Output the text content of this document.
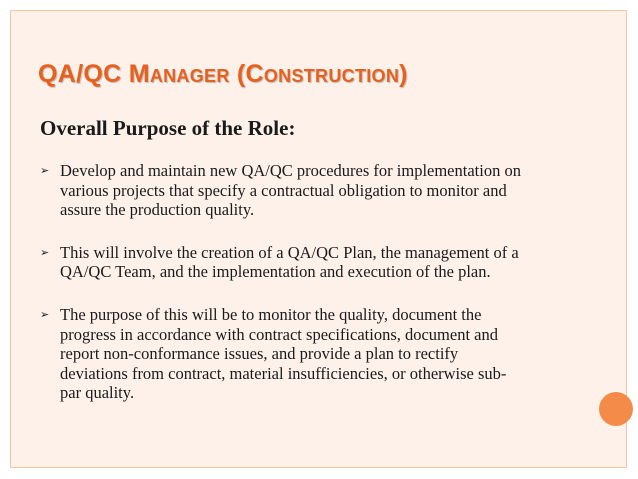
QA/QC Manager (Construction)
Overall Purpose of the Role:
➢ Develop and maintain new QA/QC procedures for implementation on
various projects that specify a contractual obligation to monitor and
assure the production quality.
➢ This will involve the creation of a QA/QC Plan, the management of a
QA/QC Team, and the implementation and execution of the plan.
➢ The purpose of this will be to monitor the quality, document the
progress in accordance with contract specifications, document and
report non-conformance issues, and provide a plan to rectify
deviations from contract, material insufficiencies, or otherwise sub-
par quality.
